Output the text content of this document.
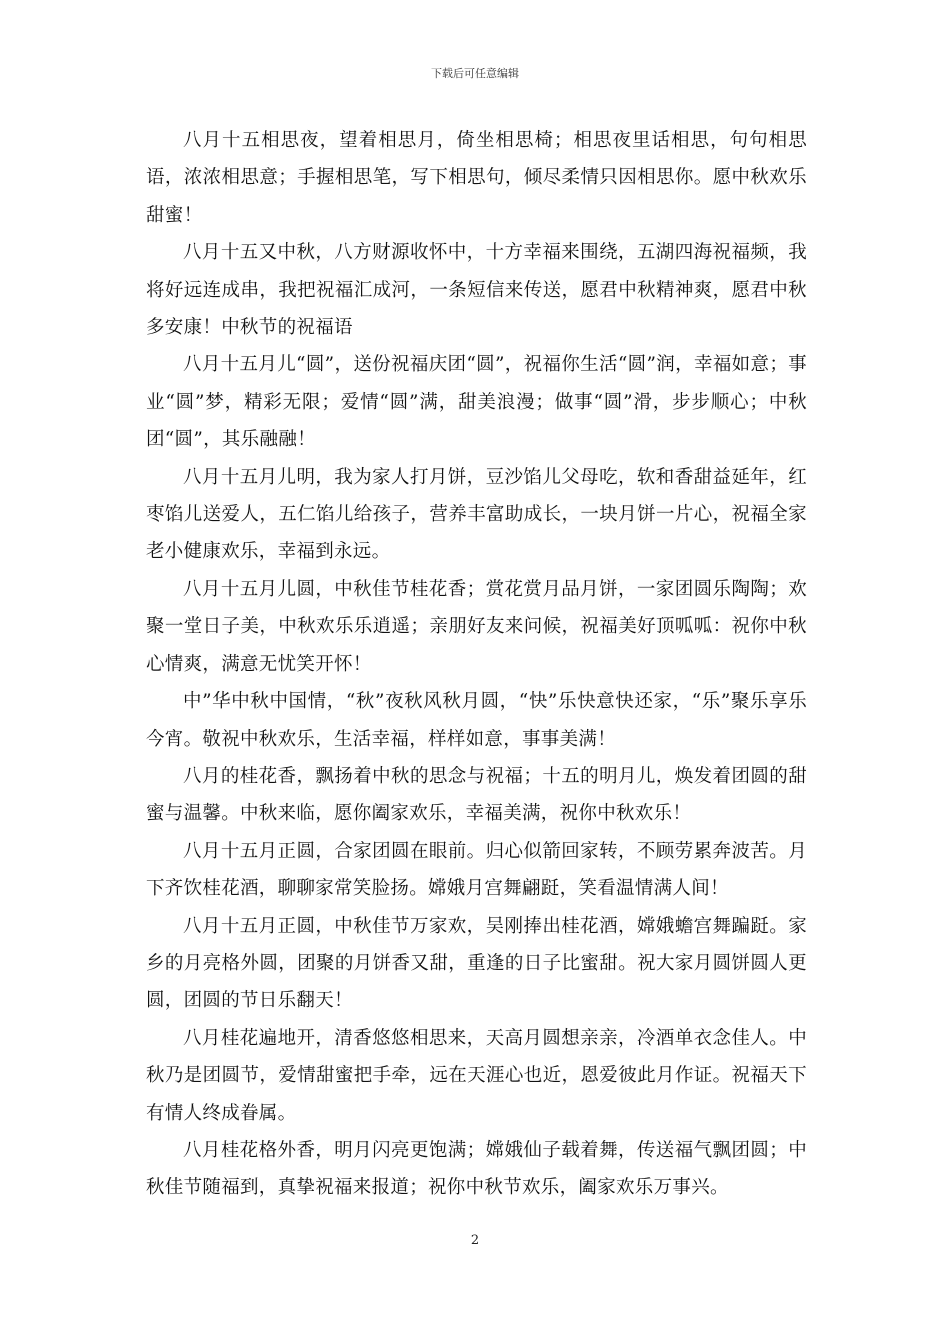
下载后可任意编辑

八月十五相思夜，望着相思月，倚坐相思椅；相思夜里话相思，句句相思语，浓浓相思意；手握相思笔，写下相思句，倾尽柔情只因相思你。愿中秋欢乐甜蜜！

八月十五又中秋，八方财源收怀中，十方幸福来围绕，五湖四海祝福频，我将好远连成串，我把祝福汇成河，一条短信来传送，愿君中秋精神爽，愿君中秋多安康！中秋节的祝福语

八月十五月儿“圆”，送份祝福庆团“圆”，祝福你生活“圆”润，幸福如意；事业“圆”梦，精彩无限；爱情“圆”满，甜美浪漫；做事“圆”滑，步步顺心；中秋团“圆”，其乐融融！

八月十五月儿明，我为家人打月饼，豆沙馅儿父母吃，软和香甜益延年，红枣馅儿送爱人，五仁馅儿给孩子，营养丰富助成长，一块月饼一片心，祝福全家老小健康欢乐，幸福到永远。

八月十五月儿圆，中秋佳节桂花香；赏花赏月品月饼，一家团圆乐陶陶；欢聚一堂日子美，中秋欢乐乐逍遥；亲朋好友来问候，祝福美好顶呱呱：祝你中秋心情爽，满意无忧笑开怀！

中”华中秋中国情，“秋”夜秋风秋月圆，“快”乐快意快还家，“乐”聚乐享乐今宵。敬祝中秋欢乐，生活幸福，样样如意，事事美满！

八月的桂花香，飘扬着中秋的思念与祝福；十五的明月儿，焕发着团圆的甜蜜与温馨。中秋来临，愿你阖家欢乐，幸福美满，祝你中秋欢乐！

八月十五月正圆，合家团圆在眼前。归心似箭回家转，不顾劳累奔波苦。月下齐饮桂花酒，聊聊家常笑脸扬。嫦娥月宫舞翩跹，笑看温情满人间！

八月十五月正圆，中秋佳节万家欢，吴刚捧出桂花酒，嫦娥蟾宫舞蹁跹。家乡的月亮格外圆，团聚的月饼香又甜，重逢的日子比蜜甜。祝大家月圆饼圆人更圆，团圆的节日乐翻天！

八月桂花遍地开，清香悠悠相思来，天高月圆想亲亲，冷酒单衣念佳人。中秋乃是团圆节，爱情甜蜜把手牵，远在天涯心也近，恩爱彼此月作证。祝福天下有情人终成眷属。

八月桂花格外香，明月闪亮更饱满；嫦娥仙子载着舞，传送福气飘团圆；中秋佳节随福到，真挚祝福来报道；祝你中秋节欢乐，阖家欢乐万事兴。

2
